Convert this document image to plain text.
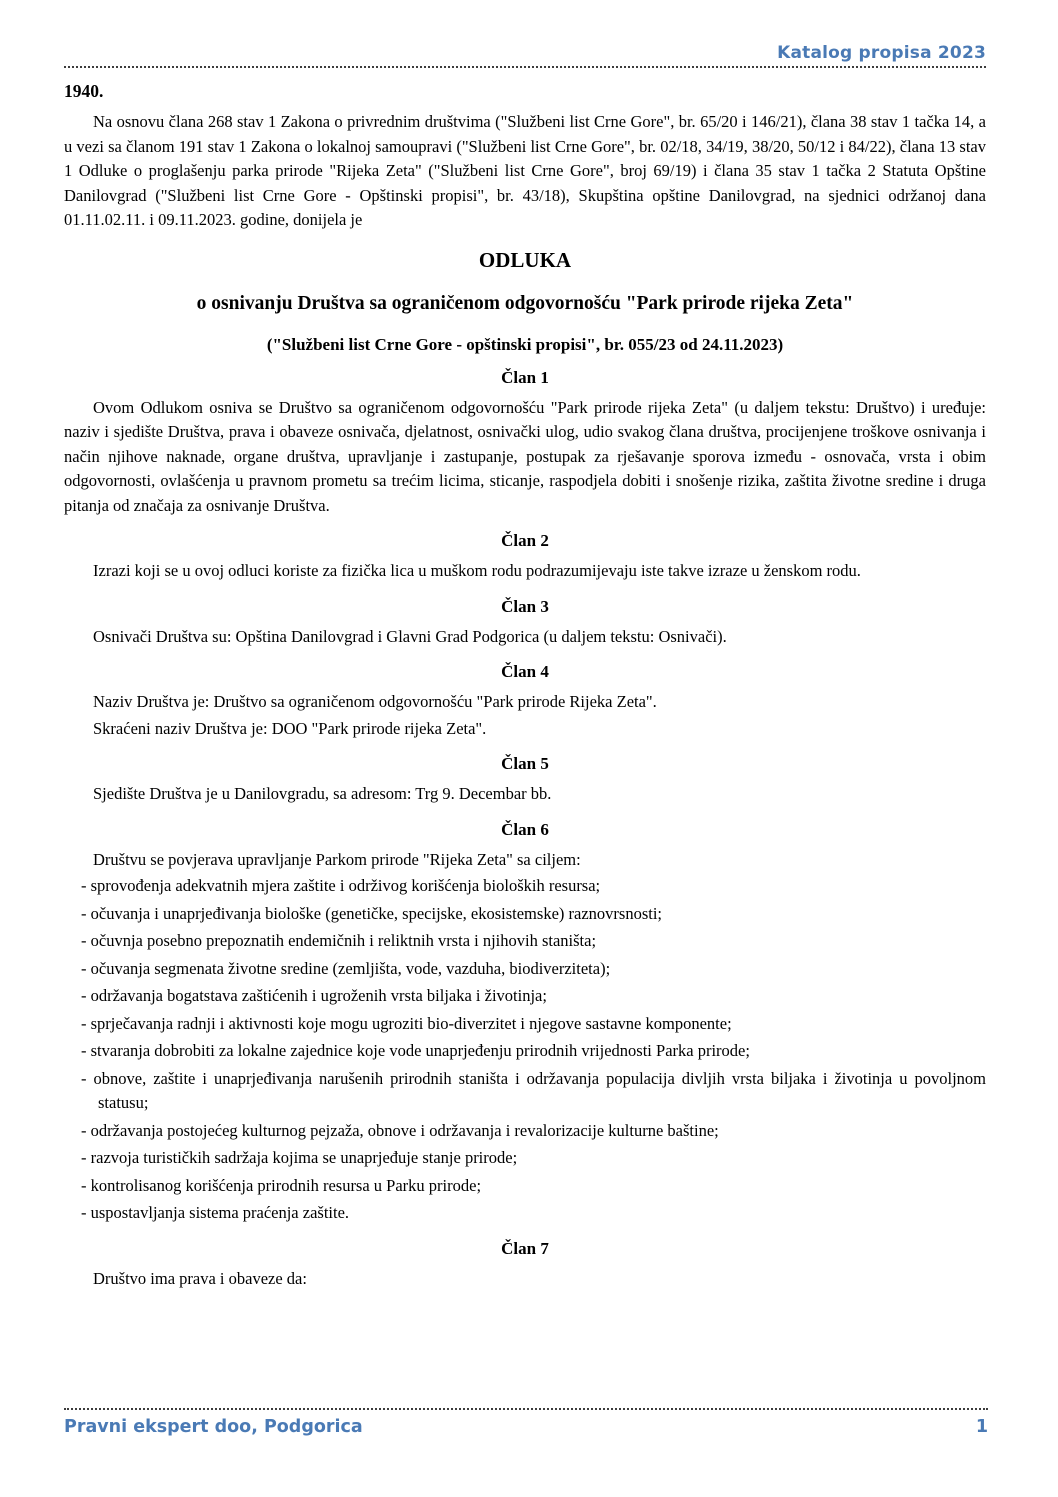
Katalog propisa 2023

1940.

Na osnovu člana 268 stav 1 Zakona o privrednim društvima ("Službeni list Crne Gore", br. 65/20 i 146/21), člana 38 stav 1 tačka 14, a u vezi sa članom 191 stav 1 Zakona o lokalnoj samoupravi ("Službeni list Crne Gore", br. 02/18, 34/19, 38/20, 50/12 i 84/22), člana 13 stav 1 Odluke o proglašenju parka prirode "Rijeka Zeta" ("Službeni list Crne Gore", broj 69/19) i člana 35 stav 1 tačka 2 Statuta Opštine Danilovgrad ("Službeni list Crne Gore - Opštinski propisi", br. 43/18), Skupština opštine Danilovgrad, na sjednici održanoj dana 01.11.02.11. i 09.11.2023. godine, donijela je

ODLUKA
o osnivanju Društva sa ograničenom odgovornošću "Park prirode rijeka Zeta"
("Službeni list Crne Gore - opštinski propisi", br. 055/23 od 24.11.2023)
Član 1

Ovom Odlukom osniva se Društvo sa ograničenom odgovornošću "Park prirode rijeka Zeta" (u daljem tekstu: Društvo) i uređuje: naziv i sjedište Društva, prava i obaveze osnivača, djelatnost, osnivački ulog, udio svakog člana društva, procijenjene troškove osnivanja i način njihove naknade, organe društva, upravljanje i zastupanje, postupak za rješavanje sporova između - osnovača, vrsta i obim odgovornosti, ovlašćenja u pravnom prometu sa trećim licima, sticanje, raspodjela dobiti i snošenje rizika, zaštita životne sredine i druga pitanja od značaja za osnivanje Društva.

Član 2

Izrazi koji se u ovoj odluci koriste za fizička lica u muškom rodu podrazumijevaju iste takve izraze u ženskom rodu.

Član 3

Osnivači Društva su: Opština Danilovgrad i Glavni Grad Podgorica (u daljem tekstu: Osnivači).

Član 4

Naziv Društva je: Društvo sa ograničenom odgovornošću "Park prirode Rijeka Zeta".

Skraćeni naziv Društva je: DOO "Park prirode rijeka Zeta".

Član 5

Sjedište Društva je u Danilovgradu, sa adresom: Trg 9. Decembar bb.

Član 6

Društvu se povjerava upravljanje Parkom prirode "Rijeka Zeta" sa ciljem:

- sprovođenja adekvatnih mjera zaštite i održivog korišćenja bioloških resursa;

- očuvanja i unaprjeđivanja biološke (genetičke, specijske, ekosistemske) raznovrsnosti;

- očuvnja posebno prepoznatih endemičnih i reliktnih vrsta i njihovih staništa;

- očuvanja segmenata životne sredine (zemljišta, vode, vazduha, biodiverziteta);

- održavanja bogatstava zaštićenih i ugroženih vrsta biljaka i životinja;

- sprječavanja radnji i aktivnosti koje mogu ugroziti bio-diverzitet i njegove sastavne komponente;

- stvaranja dobrobiti za lokalne zajednice koje vode unaprjeđenju prirodnih vrijednosti Parka prirode;

- obnove, zaštite i unaprjeđivanja narušenih prirodnih staništa i održavanja populacija divljih vrsta biljaka i životinja u povoljnom statusu;

- održavanja postojećeg kulturnog pejzaža, obnove i održavanja i revalorizacije kulturne baštine;

- razvoja turističkih sadržaja kojima se unaprjeđuje stanje prirode;

- kontrolisanog korišćenja prirodnih resursa u Parku prirode;

- uspostavljanja sistema praćenja zaštite.

Član 7

Društvo ima prava i obaveze da:

Pravni ekspert doo, Podgorica	1
